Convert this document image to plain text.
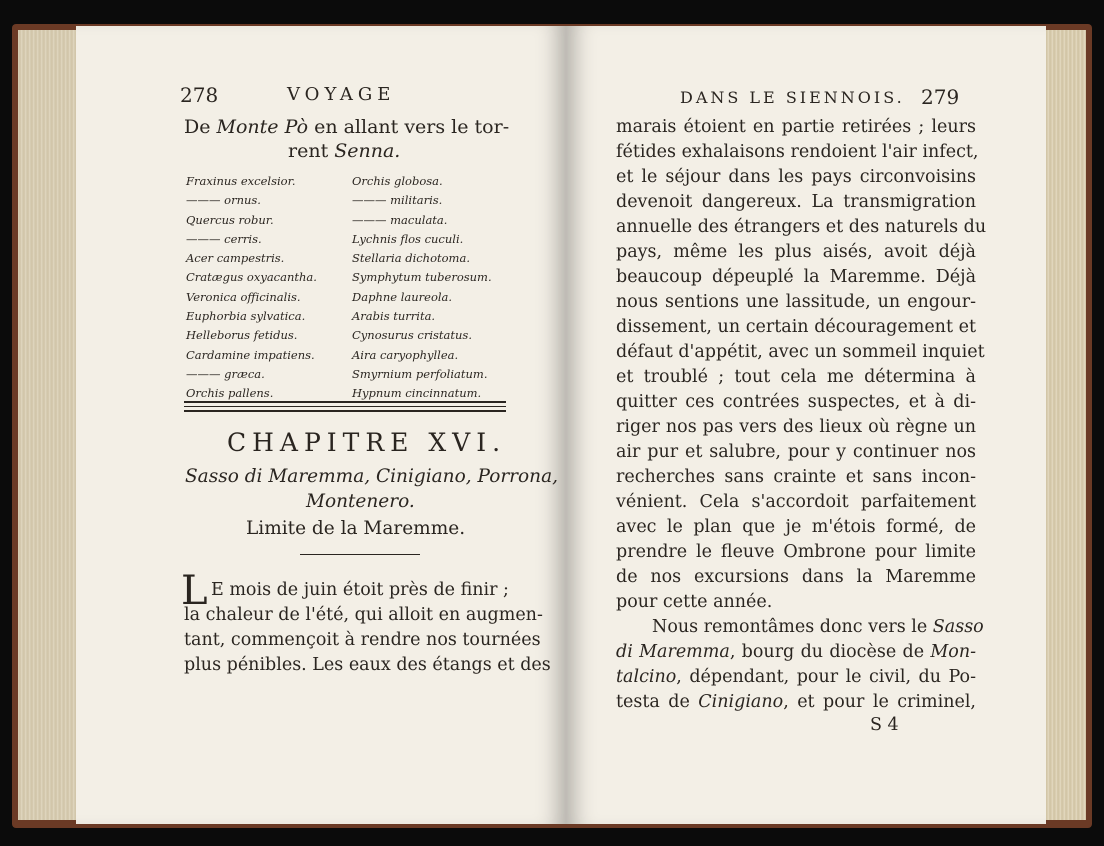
278	VOYAGE
De Monte Pò en allant vers le tor-
rent Senna.
Fraxinus excelsior.
——— ornus.
Quercus robur.
——— cerris.
Acer campestris.
Cratægus oxyacantha.
Veronica officinalis.
Euphorbia sylvatica.
Helleborus fetidus.
Cardamine impatiens.
——— græca.
Orchis pallens.
Orchis globosa.
——— militaris.
——— maculata.
Lychnis flos cuculi.
Stellaria dichotoma.
Symphytum tuberosum.
Daphne laureola.
Arabis turrita.
Cynosurus cristatus.
Aira caryophyllea.
Smyrnium perfoliatum.
Hypnum cincinnatum.
CHAPITRE XVI.
Sasso di Maremma, Cinigiano, Porrona,
Montenero.
Limite de la Maremme.
L E mois de juin étoit près de finir ;
la chaleur de l'été, qui alloit en augmen-
tant, commençoit à rendre nos tournées
plus pénibles. Les eaux des étangs et des
DANS LE SIENNOIS. 279
marais étoient en partie retirées ; leurs
fétides exhalaisons rendoient l'air infect,
et le séjour dans les pays circonvoisins
devenoit dangereux. La transmigration
annuelle des étrangers et des naturels du
pays, même les plus aisés, avoit déjà
beaucoup dépeuplé la Maremme. Déjà
nous sentions une lassitude, un engour-
dissement, un certain découragement et
défaut d'appétit, avec un sommeil inquiet
et troublé ; tout cela me détermina à
quitter ces contrées suspectes, et à di-
riger nos pas vers des lieux où règne un
air pur et salubre, pour y continuer nos
recherches sans crainte et sans incon-
vénient. Cela s'accordoit parfaitement
avec le plan que je m'étois formé, de
prendre le fleuve Ombrone pour limite
de nos excursions dans la Maremme
pour cette année.
Nous remontâmes donc vers le Sasso
di Maremma, bourg du diocèse de Mon-
talcino, dépendant, pour le civil, du Po-
testa de Cinigiano, et pour le criminel,
S 4
